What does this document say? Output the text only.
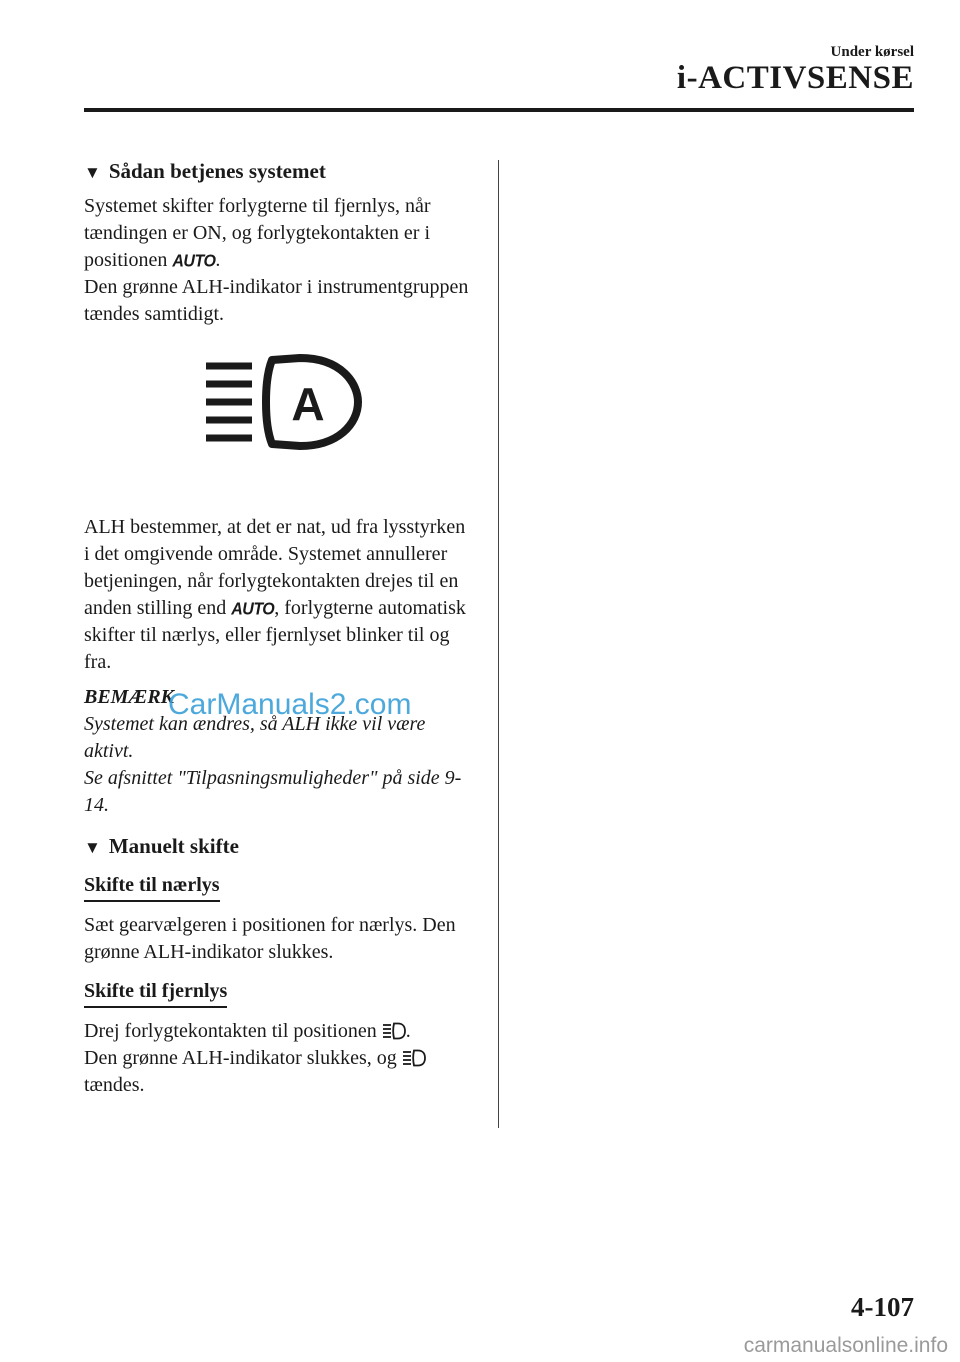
Under kørsel
i-ACTIVSENSE
▼ Sådan betjenes systemet

Systemet skifter forlygterne til fjernlys, når tændingen er ON, og forlygtekontakten er i positionen AUTO.
Den grønne ALH-indikator i instrumentgruppen tændes samtidigt.

A

ALH bestemmer, at det er nat, ud fra lysstyrken i det omgivende område. Systemet annullerer betjeningen, når forlygtekontakten drejes til en anden stilling end AUTO, forlygterne automatisk skifter til nærlys, eller fjernlyset blinker til og fra.

BEMÆRK

Systemet kan ændres, så ALH ikke vil være aktivt.
Se afsnittet "Tilpasningsmuligheder" på side 9-14.

▼ Manuelt skifte
Skifte til nærlys

Sæt gearvælgeren i positionen for nærlys. Den grønne ALH-indikator slukkes.

Skifte til fjernlys

Drej forlygtekontakten til positionen .
Den grønne ALH-indikator slukkes, og
tændes.

CarManuals2.com
4-107
carmanualsonline.info
